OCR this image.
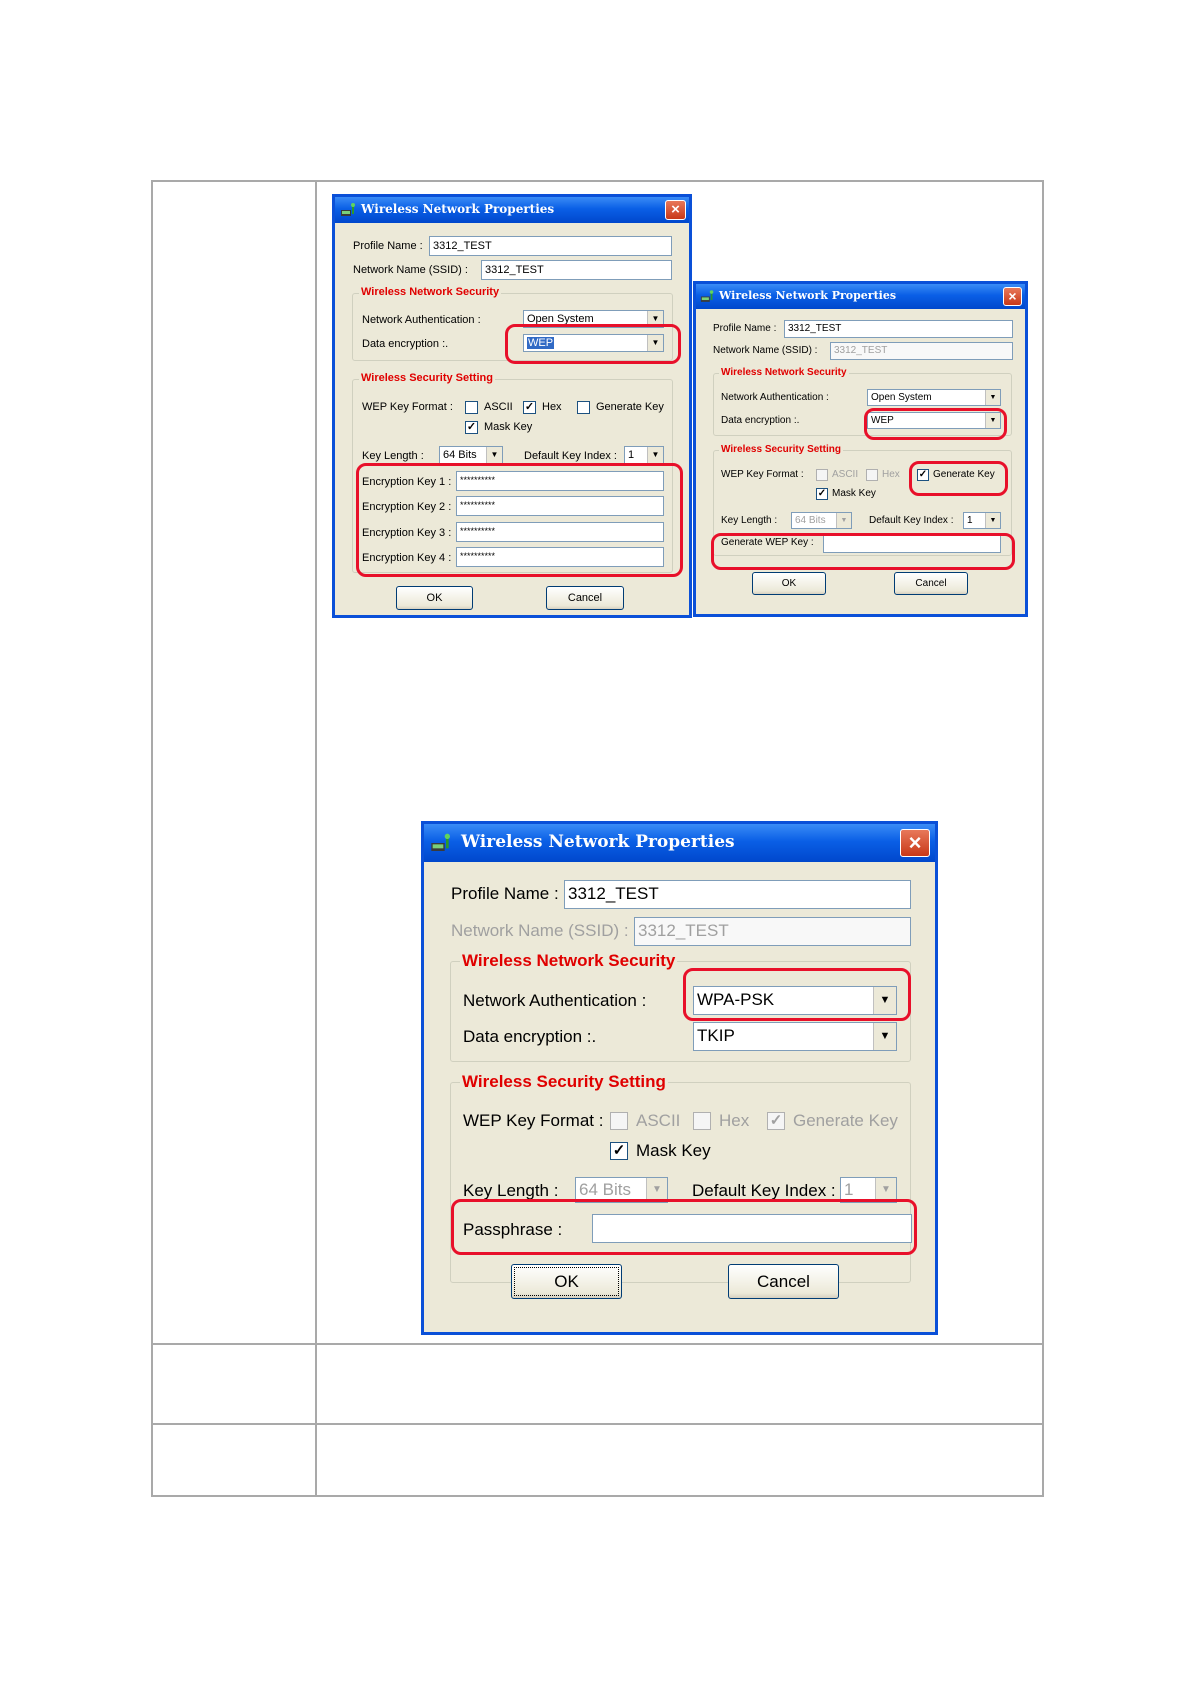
Wireless Network Properties	×
Profile Name : 3312_TEST
Network Name (SSID) :	3312_TEST
Wireless Network Security
Network Authentication :	Open System	▼
Data encryption :.	WEP	▼
Wireless Security Setting
WEP Key Format :	ASCII ✓ Hex	Generate Key
✓ Mask Key
Key Length :	64 Bits	▼	Default Key Index :	1	▼
Encryption Key 1 : **********
Encryption Key 2 : **********
Encryption Key 3 : **********
Encryption Key 4 : **********
OK	Cancel
Wireless Network Properties	×
Profile Name :	3312_TEST
Network Name (SSID) :	3312_TEST
Wireless Network Security
Network Authentication :	Open System	▼
Data encryption :.	WEP	▼
Wireless Security Setting
WEP Key Format :	ASCII Hex ✓ Generate Key
✓ Mask Key
Key Length :	64 Bits	▼	Default Key Index :	1	▼
Generate WEP Key :
OK	Cancel
Wireless Network Properties	×
Profile Name : 3312_TEST
Network Name (SSID) : 3312_TEST
Wireless Network Security
Network Authentication :	WPA-PSK	▼
Data encryption :.	TKIP	▼
Wireless Security Setting
WEP Key Format : ASCII Hex ✓ Generate Key
✓ Mask Key
Key Length : 64 Bits	▼ Default Key Index : 1	▼
Passphrase :
OK	Cancel
